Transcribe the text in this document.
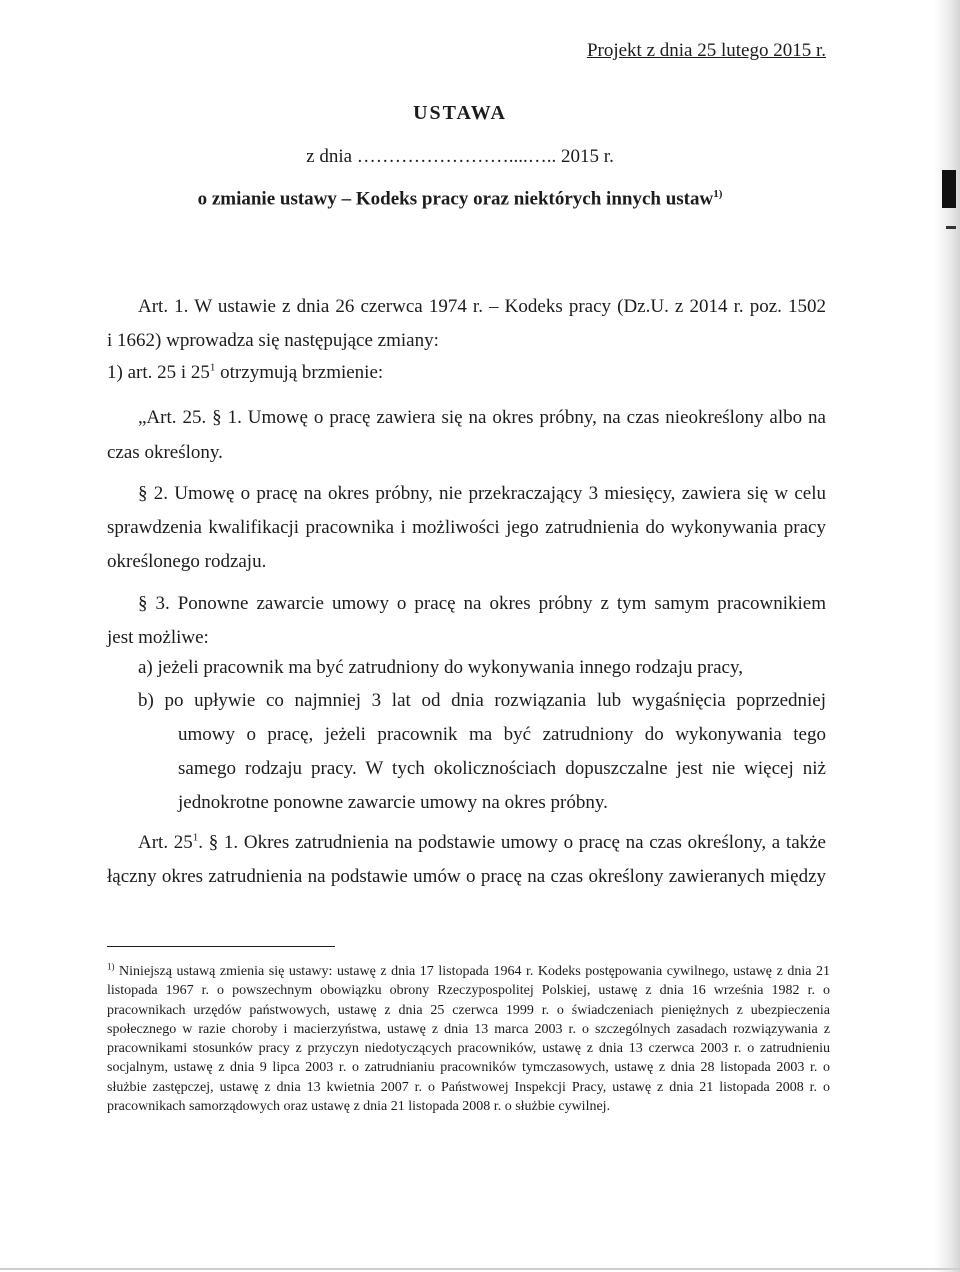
Projekt z dnia 25 lutego 2015 r.
USTAWA
z dnia ……………………....….. 2015 r.
o zmianie ustawy – Kodeks pracy oraz niektórych innych ustaw$^{1)}$
Art. 1. W ustawie z dnia 26 czerwca 1974 r. – Kodeks pracy (Dz.U. z 2014 r. poz. 1502
i 1662) wprowadza się następujące zmiany:
1) art. 25 i $25^1$ otrzymują brzmienie:
„Art. 25. § 1. Umowę o pracę zawiera się na okres próbny, na czas nieokreślony albo na
czas określony.
§ 2. Umowę o pracę na okres próbny, nie przekraczający 3 miesięcy, zawiera się w celu
sprawdzenia kwalifikacji pracownika i możliwości jego zatrudnienia do wykonywania pracy
określonego rodzaju.
§ 3. Ponowne zawarcie umowy o pracę na okres próbny z tym samym pracownikiem
jest możliwe:
a) jeżeli pracownik ma być zatrudniony do wykonywania innego rodzaju pracy,
b) po upływie co najmniej 3 lat od dnia rozwiązania lub wygaśnięcia poprzedniej
umowy o pracę, jeżeli pracownik ma być zatrudniony do wykonywania tego
samego rodzaju pracy. W tych okolicznościach dopuszczalne jest nie więcej niż
jednokrotne ponowne zawarcie umowy na okres próbny.
Art. $25^1$. § 1. Okres zatrudnienia na podstawie umowy o pracę na czas określony, a także
łączny okres zatrudnienia na podstawie umów o pracę na czas określony zawieranych między
$^{1)}$ Niniejszą ustawą zmienia się ustawy: ustawę z dnia 17 listopada 1964 r. Kodeks postępowania cywilnego, ustawę z dnia 21 listopada 1967 r. o powszechnym obowiązku obrony Rzeczypospolitej Polskiej, ustawę z dnia 16 września 1982 r. o pracownikach urzędów państwowych, ustawę z dnia 25 czerwca 1999 r. o świadczeniach pieniężnych z ubezpieczenia społecznego w razie choroby i macierzyństwa, ustawę z dnia 13 marca 2003 r. o szczególnych zasadach rozwiązywania z pracownikami stosunków pracy z przyczyn niedotyczących pracowników, ustawę z dnia 13 czerwca 2003 r. o zatrudnieniu socjalnym, ustawę z dnia 9 lipca 2003 r. o zatrudnianiu pracowników tymczasowych, ustawę z dnia 28 listopada 2003 r. o służbie zastępczej, ustawę z dnia 13 kwietnia 2007 r. o Państwowej Inspekcji Pracy, ustawę z dnia 21 listopada 2008 r. o pracownikach samorządowych oraz ustawę z dnia 21 listopada 2008 r. o służbie cywilnej.
